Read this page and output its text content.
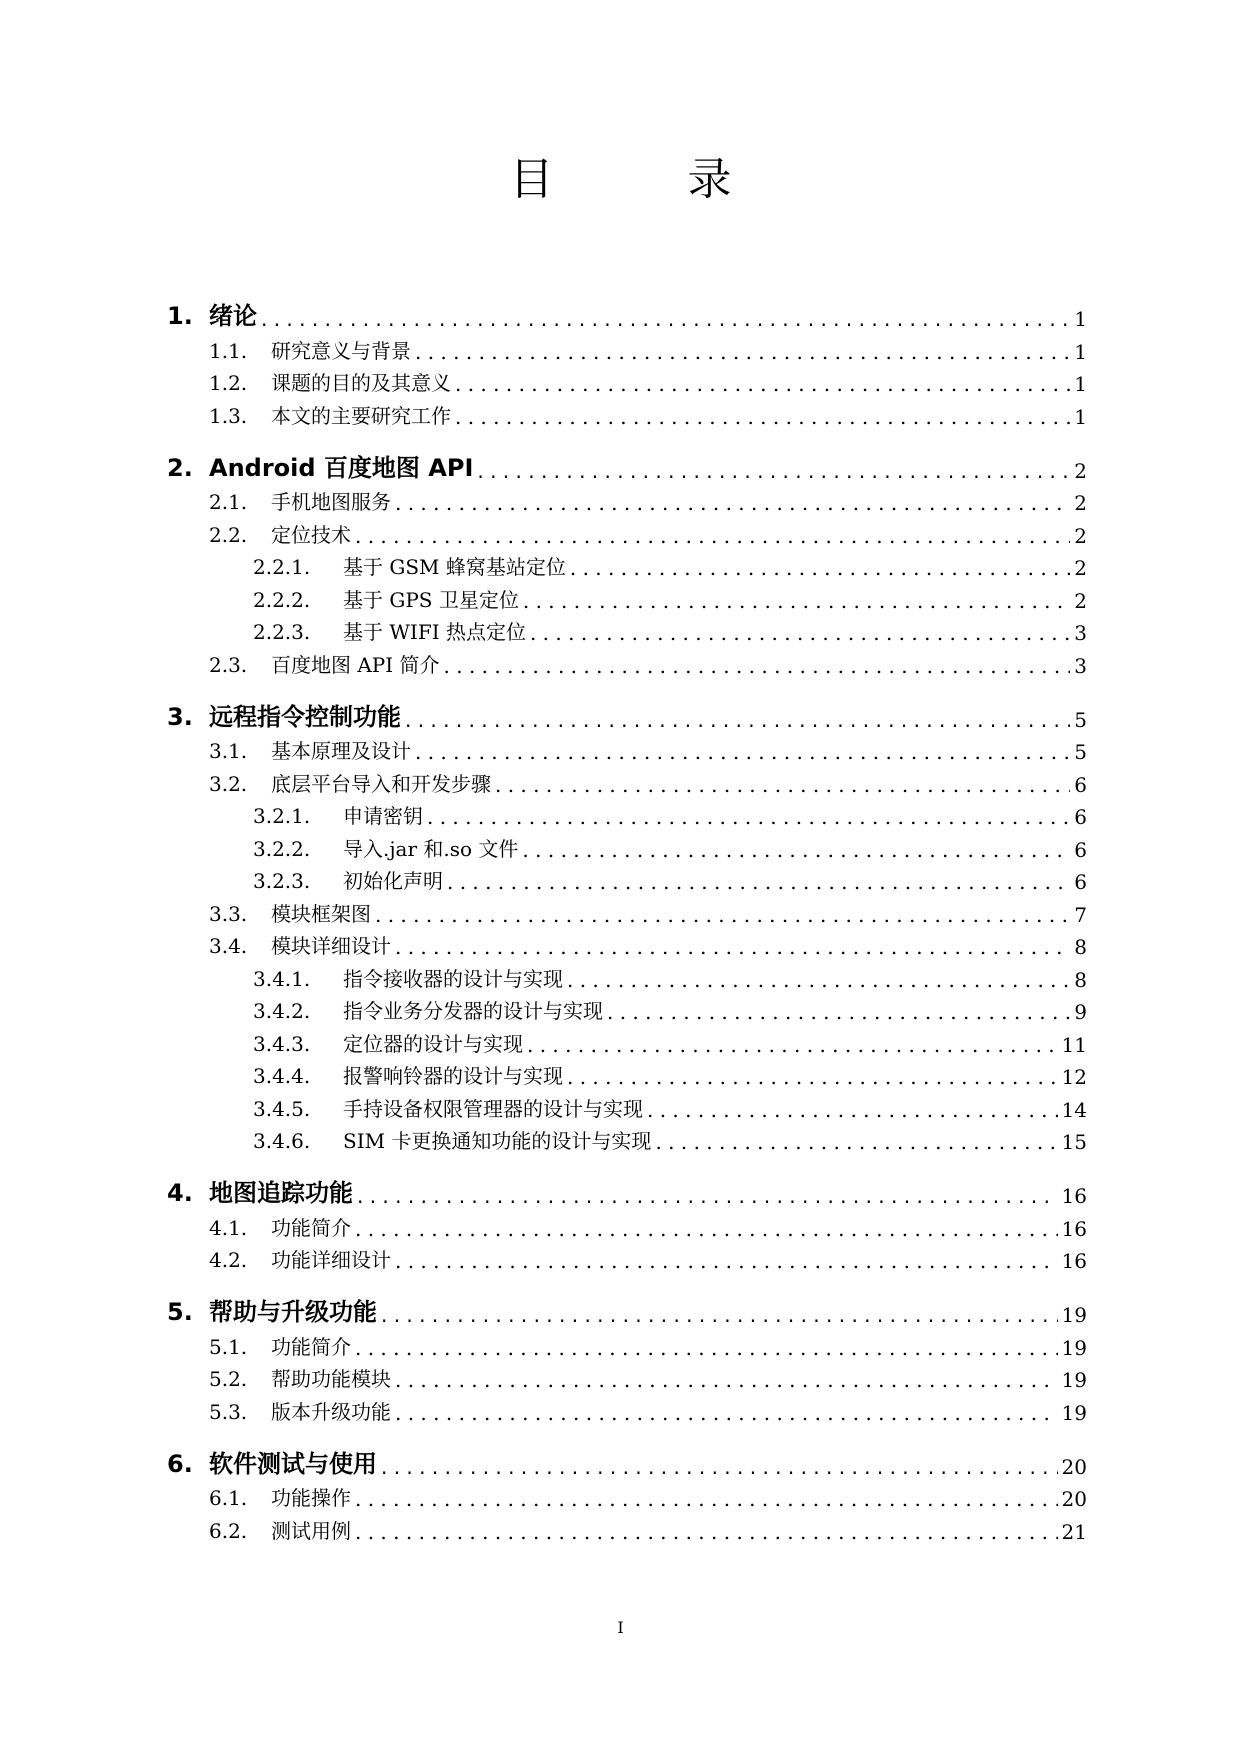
目 录
1. 绪论 . . .	1
1.1. 研究意义与背景 . . .	1
1.2. 课题的目的及其意义 . . .	1
1.3. 本文的主要研究工作 . . .	1
2. Android 百度地图 API . . .	2
2.1. 手机地图服务 . . .	2
2.2. 定位技术 . . .	2
2.2.1. 基于 GSM 蜂窝基站定位 . . .	2
2.2.2. 基于 GPS 卫星定位 . . .	2
2.2.3. 基于 WIFI 热点定位 . . .	3
2.3. 百度地图 API 简介 . . .	3
3. 远程指令控制功能 . . .	5
3.1. 基本原理及设计 . . .	5
3.2. 底层平台导入和开发步骤 . . .	6
3.2.1. 申请密钥 . . .	6
3.2.2. 导入.jar 和.so 文件 . . .	6
3.2.3. 初始化声明 . . .	6
3.3. 模块框架图 . . .	7
3.4. 模块详细设计 . . .	8
3.4.1. 指令接收器的设计与实现 . . .	8
3.4.2. 指令业务分发器的设计与实现 . . .	9
3.4.3. 定位器的设计与实现 . . .	11
3.4.4. 报警响铃器的设计与实现 . . .	12
3.4.5. 手持设备权限管理器的设计与实现 . . .	14
3.4.6. SIM 卡更换通知功能的设计与实现 . . .	15
4. 地图追踪功能 . . .	16
4.1. 功能简介 . . .	16
4.2. 功能详细设计 . . .	16
5. 帮助与升级功能 . . .	19
5.1. 功能简介 . . .	19
5.2. 帮助功能模块 . . .	19
5.3. 版本升级功能 . . .	19
6. 软件测试与使用 . . .	20
6.1. 功能操作 . . .	20
6.2. 测试用例 . . .	21
I
